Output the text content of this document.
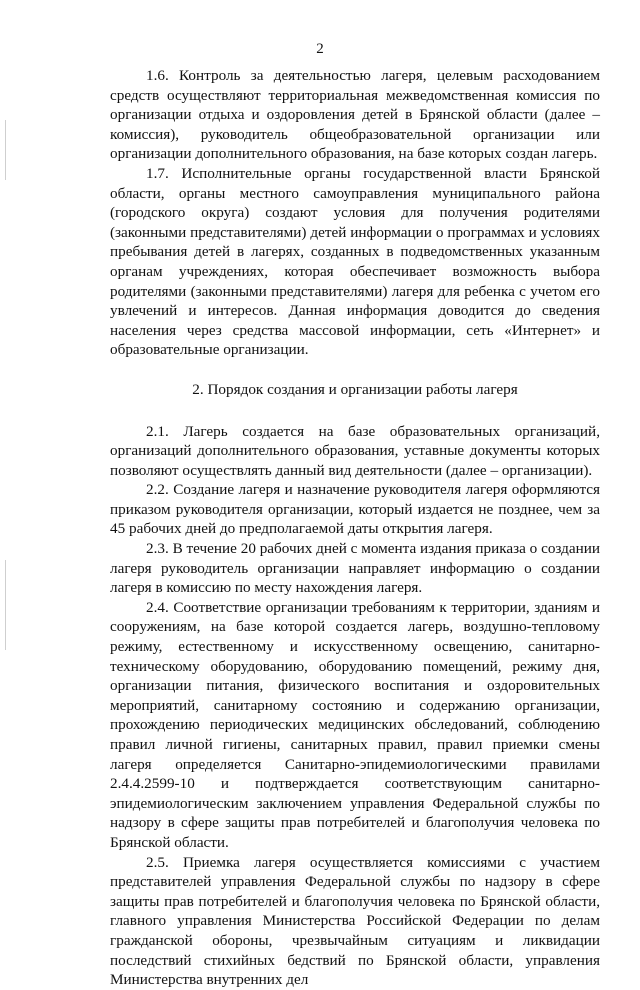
2

1.6. Контроль за деятельностью лагеря, целевым расходованием средств осуществляют территориальная межведомственная комиссия по организации отдыха и оздоровления детей в Брянской области (далее – комиссия), руководитель общеобразовательной организации или организации дополнительного образования, на базе которых создан лагерь.

1.7. Исполнительные органы государственной власти Брянской области, органы местного самоуправления муниципального района (городского округа) создают условия для получения родителями (законными представителями) детей информации о программах и условиях пребывания детей в лагерях, созданных в подведомственных указанным органам учреждениях, которая обеспечивает возможность выбора родителями (законными представителями) лагеря для ребенка с учетом его увлечений и интересов. Данная информация доводится до сведения населения через средства массовой информации, сеть «Интернет» и образовательные организации.

2. Порядок создания и организации работы лагеря

2.1. Лагерь создается на базе образовательных организаций, организаций дополнительного образования, уставные документы которых позволяют осуществлять данный вид деятельности (далее – организации).

2.2. Создание лагеря и назначение руководителя лагеря оформляются приказом руководителя организации, который издается не позднее, чем за 45 рабочих дней до предполагаемой даты открытия лагеря.

2.3. В течение 20 рабочих дней с момента издания приказа о создании лагеря руководитель организации направляет информацию о создании лагеря в комиссию по месту нахождения лагеря.

2.4. Соответствие организации требованиям к территории, зданиям и сооружениям, на базе которой создается лагерь, воздушно-тепловому режиму, естественному и искусственному освещению, санитарно-техническому оборудованию, оборудованию помещений, режиму дня, организации питания, физического воспитания и оздоровительных мероприятий, санитарному состоянию и содержанию организации, прохождению периодических медицинских обследований, соблюдению правил личной гигиены, санитарных правил, правил приемки смены лагеря определяется Санитарно-эпидемиологическими правилами 2.4.4.2599-10 и подтверждается соответствующим санитарно-эпидемиологическим заключением управления Федеральной службы по надзору в сфере защиты прав потребителей и благополучия человека по Брянской области.

2.5. Приемка лагеря осуществляется комиссиями с участием представителей управления Федеральной службы по надзору в сфере защиты прав потребителей и благополучия человека по Брянской области, главного управления Министерства Российской Федерации по делам гражданской обороны, чрезвычайным ситуациям и ликвидации последствий стихийных бедствий по Брянской области, управления Министерства внутренних дел
